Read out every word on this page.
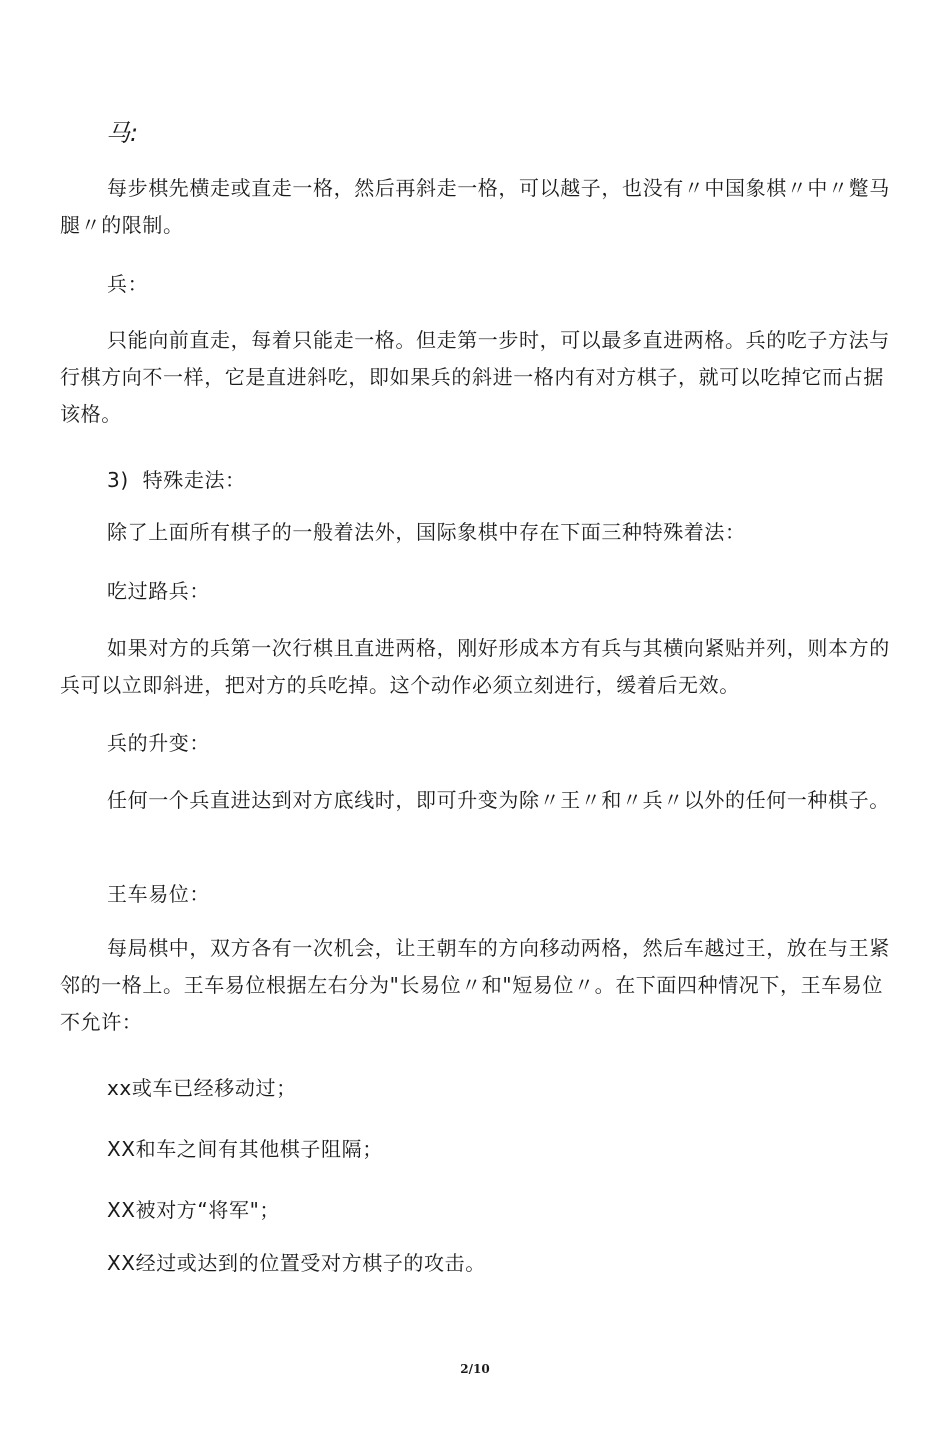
马:
每步棋先横走或直走一格，然后再斜走一格，可以越子，也没有〃中国象棋〃中〃蹩马腿〃的限制。
兵：
只能向前直走，每着只能走一格。但走第一步时，可以最多直进两格。兵的吃子方法与行棋方向不一样，它是直进斜吃，即如果兵的斜进一格内有对方棋子，就可以吃掉它而占据该格。
3)  特殊走法：
除了上面所有棋子的一般着法外，国际象棋中存在下面三种特殊着法：
吃过路兵：
如果对方的兵第一次行棋且直进两格，刚好形成本方有兵与其横向紧贴并列，则本方的兵可以立即斜进，把对方的兵吃掉。这个动作必须立刻进行，缓着后无效。
兵的升变：
任何一个兵直进达到对方底线时，即可升变为除〃王〃和〃兵〃以外的任何一种棋子。
王车易位：
每局棋中，双方各有一次机会，让王朝车的方向移动两格，然后车越过王，放在与王紧邻的一格上。王车易位根据左右分为"长易位〃和"短易位〃。在下面四种情况下，王车易位不允许：
xx或车已经移动过；
XX和车之间有其他棋子阻隔；
XX被对方“将军"；
XX经过或达到的位置受对方棋子的攻击。
2/10
